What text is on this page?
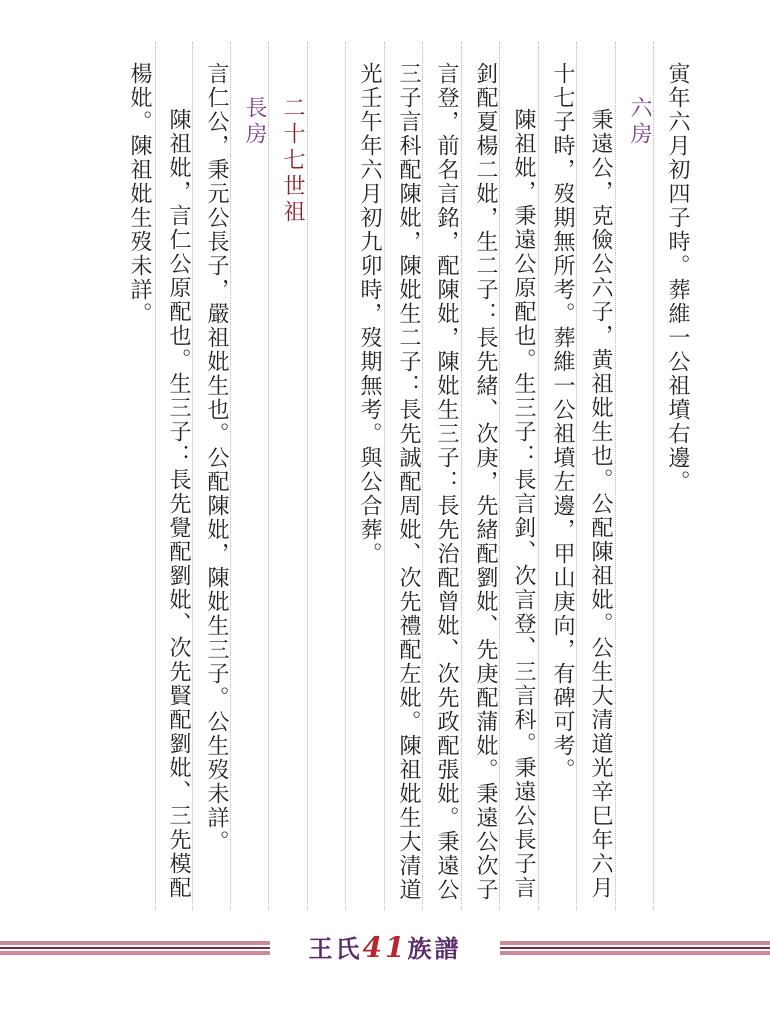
寅年六月初四子時。葬維一公祖墳右邊。
六房
秉遠公，克儉公六子，黄祖妣生也。公配陳祖妣。公生大清道光辛巳年六月
十七子時，歿期無所考。葬維一公祖墳左邊，甲山庚向，有碑可考。
陳祖妣，秉遠公原配也。生三子：長言釗、次言登、三言科。秉遠公長子言
釗配夏楊二妣，生二子：長先緒、次庚，先緒配劉妣、先庚配蒲妣。秉遠公次子
言登，前名言銘，配陳妣，陳妣生三子：長先治配曾妣、次先政配張妣。秉遠公
三子言科配陳妣，陳妣生二子：長先誠配周妣、次先禮配左妣。陳祖妣生大清道
光壬午年六月初九卯時，歿期無考。與公合葬。
二十七世祖
長房
言仁公，秉元公長子，嚴祖妣生也。公配陳妣，陳妣生三子。公生歿未詳。
陳祖妣，言仁公原配也。生三子：長先覺配劉妣、次先賢配劉妣、三先模配
楊妣。陳祖妣生歿未詳。
王氏41族譜
